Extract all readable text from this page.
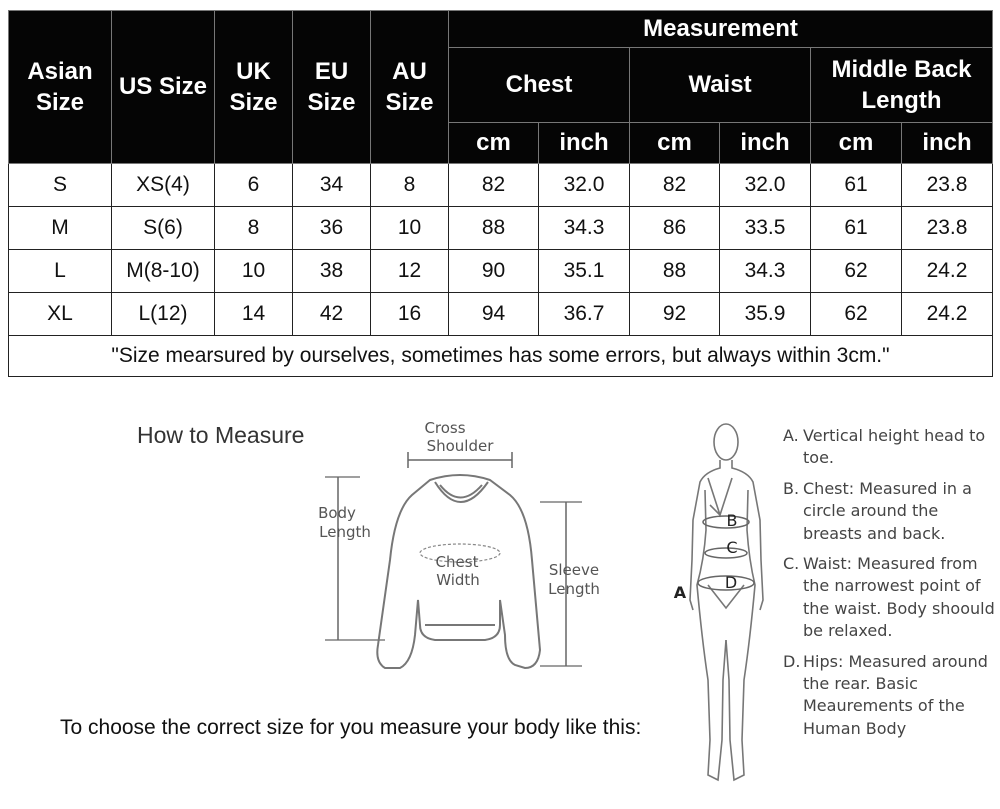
Asian Size	US Size	UK Size	EU Size	AU Size	Measurement					
					Chest		Waist		Middle Back Length	
					cm	inch	cm	inch	cm	inch
S	XS(4)	6	34	8	82	32.0	82	32.0	61	23.8
M	S(6)	8	36	10	88	34.3	86	33.5	61	23.8
L	M(8-10)	10	38	12	90	35.1	88	34.3	62	24.2
XL	L(12)	14	42	16	94	36.7	92	35.9	62	24.2
"Size mearsured by ourselves, sometimes has some errors, but always within 3cm."										
How to Measure	Cross
Shoulder
Body
Length
Sleeve
Length
Chest
Width
To choose the correct size for you measure your body like this:
A
B
C
D
A. Vertical height head to toe.
B. Chest: Measured in a circle around the breasts and back.
C. Waist: Measured from the narrowest point of the waist. Body shoould be relaxed.
D. Hips: Measured around the rear. Basic Meaurements of the Human Body
